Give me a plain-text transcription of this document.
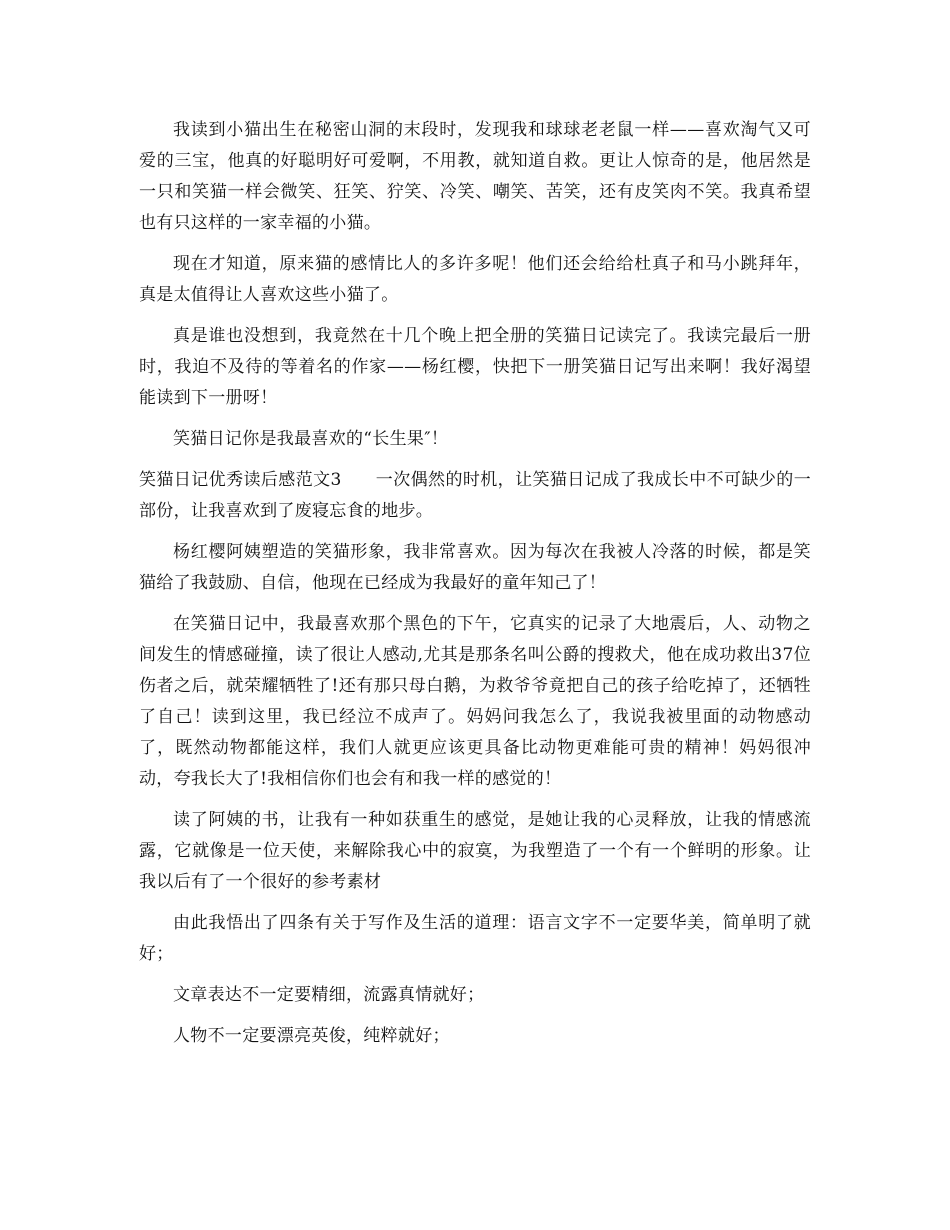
我读到小猫出生在秘密山洞的末段时，发现我和球球老老鼠一样——喜欢淘气又可爱的三宝，他真的好聪明好可爱啊，不用教，就知道自救。更让人惊奇的是，他居然是一只和笑猫一样会微笑、狂笑、狞笑、冷笑、嘲笑、苦笑，还有皮笑肉不笑。我真希望也有只这样的一家幸福的小猫。

现在才知道，原来猫的感情比人的多许多呢！他们还会给给杜真子和马小跳拜年，真是太值得让人喜欢这些小猫了。

真是谁也没想到，我竟然在十几个晚上把全册的笑猫日记读完了。我读完最后一册时，我迫不及待的等着名的作家——杨红樱，快把下一册笑猫日记写出来啊！我好渴望能读到下一册呀！

笑猫日记你是我最喜欢的“长生果″！

笑猫日记优秀读后感范文3 一次偶然的时机，让笑猫日记成了我成长中不可缺少的一部份，让我喜欢到了废寝忘食的地步。

杨红樱阿姨塑造的笑猫形象，我非常喜欢。因为每次在我被人冷落的时候，都是笑猫给了我鼓励、自信，他现在已经成为我最好的童年知己了！

在笑猫日记中，我最喜欢那个黑色的下午，它真实的记录了大地震后，人、动物之间发生的情感碰撞，读了很让人感动,尤其是那条名叫公爵的搜救犬，他在成功救出37位伤者之后，就荣耀牺牲了!还有那只母白鹅，为救爷爷竟把自己的孩子给吃掉了，还牺牲了自己！读到这里，我已经泣不成声了。妈妈问我怎么了，我说我被里面的动物感动了，既然动物都能这样，我们人就更应该更具备比动物更难能可贵的精神！妈妈很冲动，夸我长大了!我相信你们也会有和我一样的感觉的！

读了阿姨的书，让我有一种如获重生的感觉，是她让我的心灵释放，让我的情感流露，它就像是一位天使，来解除我心中的寂寞，为我塑造了一个有一个鲜明的形象。让我以后有了一个很好的参考素材

由此我悟出了四条有关于写作及生活的道理：语言文字不一定要华美，简单明了就好；

文章表达不一定要精细，流露真情就好；

人物不一定要漂亮英俊，纯粹就好；
